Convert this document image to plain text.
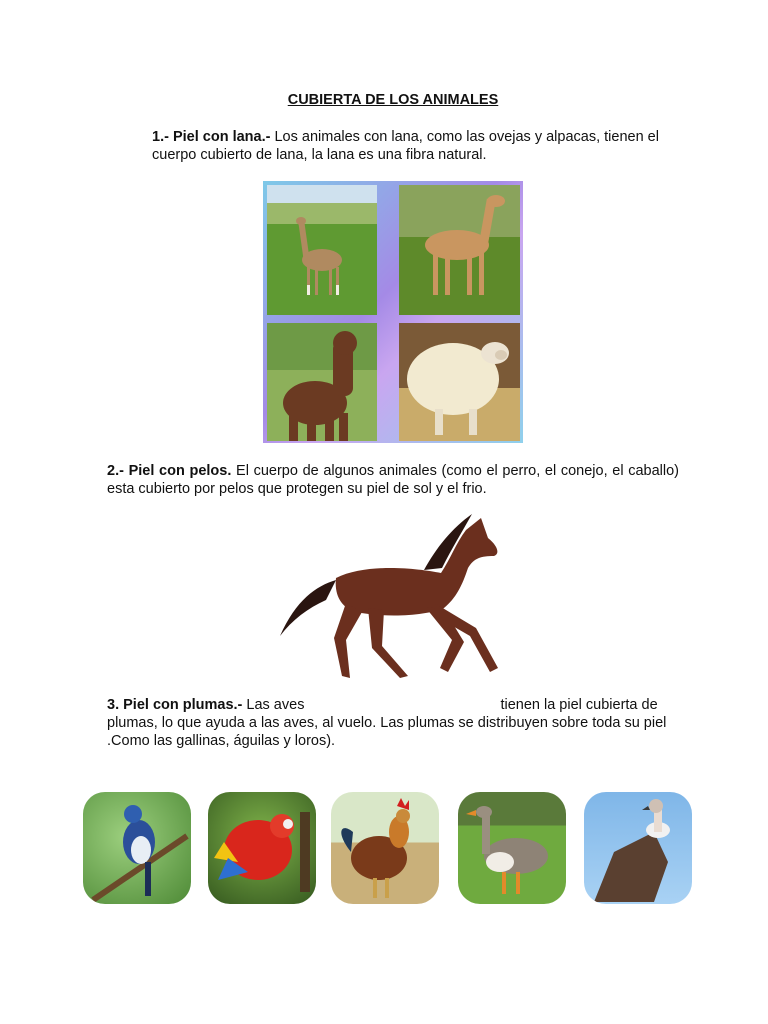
CUBIERTA DE LOS ANIMALES

1.- Piel con lana.- Los animales con lana, como las ovejas y alpacas, tienen el cuerpo cubierto de lana, la lana es una fibra natural.

2.- Piel con pelos. El cuerpo de algunos animales (como el perro, el conejo, el caballo) esta cubierto por pelos que protegen su piel de sol y el frio.

3. Piel con plumas.- Las aves	tienen la piel cubierta de plumas, lo que ayuda a las aves, al vuelo. Las plumas se distribuyen sobre toda su piel .Como las gallinas, águilas y loros).
